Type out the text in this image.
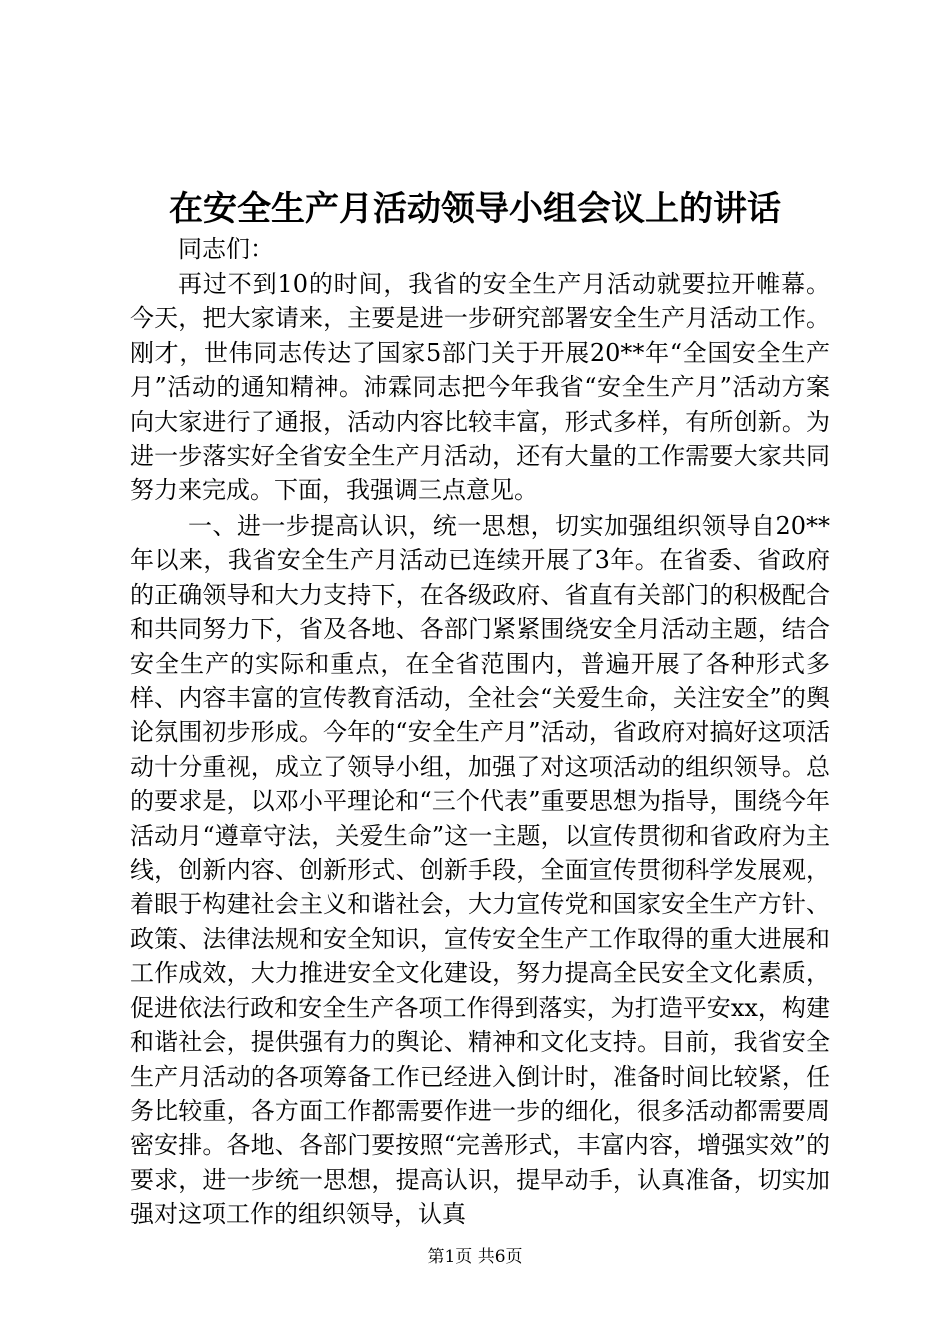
在安全生产月活动领导小组会议上的讲话
同志们：
再过不到10的时间，我省的安全生产月活动就要拉开帷幕。今天，把大家请来，主要是进一步研究部署安全生产月活动工作。刚才，世伟同志传达了国家5部门关于开展20**年“全国安全生产月”活动的通知精神。沛霖同志把今年我省“安全生产月”活动方案向大家进行了通报，活动内容比较丰富，形式多样，有所创新。为进一步落实好全省安全生产月活动，还有大量的工作需要大家共同努力来完成。下面，我强调三点意见。
一、进一步提高认识，统一思想，切实加强组织领导自20**年以来，我省安全生产月活动已连续开展了3年。在省委、省政府的正确领导和大力支持下，在各级政府、省直有关部门的积极配合和共同努力下，省及各地、各部门紧紧围绕安全月活动主题，结合安全生产的实际和重点，在全省范围内，普遍开展了各种形式多样、内容丰富的宣传教育活动，全社会“关爱生命，关注安全”的舆论氛围初步形成。今年的“安全生产月”活动，省政府对搞好这项活动十分重视，成立了领导小组，加强了对这项活动的组织领导。总的要求是，以邓小平理论和“三个代表”重要思想为指导，围绕今年活动月“遵章守法，关爱生命”这一主题，以宣传贯彻和省政府为主线，创新内容、创新形式、创新手段，全面宣传贯彻科学发展观，着眼于构建社会主义和谐社会，大力宣传党和国家安全生产方针、政策、法律法规和安全知识，宣传安全生产工作取得的重大进展和工作成效，大力推进安全文化建设，努力提高全民安全文化素质，促进依法行政和安全生产各项工作得到落实，为打造平安xx，构建和谐社会，提供强有力的舆论、精神和文化支持。目前，我省安全生产月活动的各项筹备工作已经进入倒计时，准备时间比较紧，任务比较重，各方面工作都需要作进一步的细化，很多活动都需要周密安排。各地、各部门要按照“完善形式，丰富内容，增强实效”的要求，进一步统一思想，提高认识，提早动手，认真准备，切实加强对这项工作的组织领导，认真
第1页 共6页
